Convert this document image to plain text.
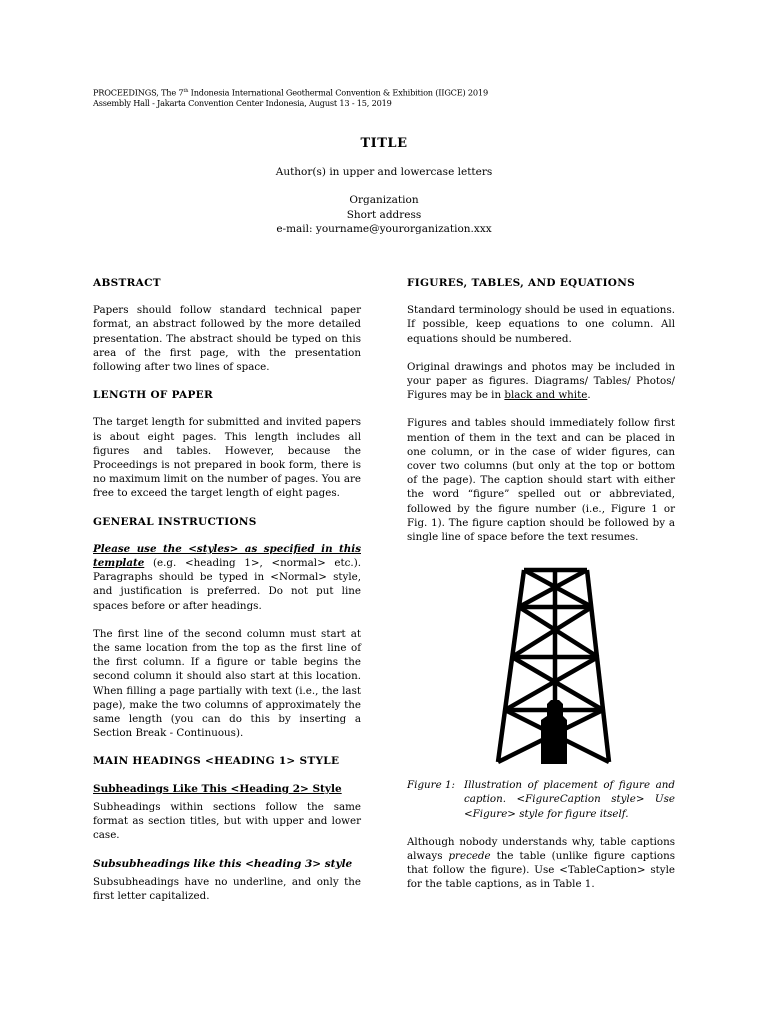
PROCEEDINGS, The 7th Indonesia International Geothermal Convention & Exhibition (IIGCE) 2019
Assembly Hall - Jakarta Convention Center Indonesia, August 13 - 15, 2019
TITLE
Author(s) in upper and lowercase letters
Organization
Short address
e-mail: yourname@yourorganization.xxx
ABSTRACT
Papers should follow standard technical paper format, an abstract followed by the more detailed presentation. The abstract should be typed on this area of the first page, with the presentation following after two lines of space.
LENGTH OF PAPER
The target length for submitted and invited papers is about eight pages. This length includes all figures and tables. However, because the Proceedings is not prepared in book form, there is no maximum limit on the number of pages. You are free to exceed the target length of eight pages.
GENERAL INSTRUCTIONS
Please use the <styles> as specified in this template (e.g. <heading 1>, <normal> etc.). Paragraphs should be typed in <Normal> style, and justification is preferred. Do not put line spaces before or after headings.
The first line of the second column must start at the same location from the top as the first line of the first column. If a figure or table begins the second column it should also start at this location. When filling a page partially with text (i.e., the last page), make the two columns of approximately the same length (you can do this by inserting a Section Break - Continuous).
MAIN HEADINGS <HEADING 1> STYLE
Subheadings Like This <Heading 2> Style
Subheadings within sections follow the same format as section titles, but with upper and lower case.
Subsubheadings like this <heading 3> style
Subsubheadings have no underline, and only the first letter capitalized.
FIGURES, TABLES, AND EQUATIONS
Standard terminology should be used in equations. If possible, keep equations to one column. All equations should be numbered.
Original drawings and photos may be included in your paper as figures. Diagrams/ Tables/ Photos/ Figures may be in black and white.
Figures and tables should immediately follow first mention of them in the text and can be placed in one column, or in the case of wider figures, can cover two columns (but only at the top or bottom of the page). The caption should start with either the word “figure” spelled out or abbreviated, followed by the figure number (i.e., Figure 1 or Fig. 1). The figure caption should be followed by a single line of space before the text resumes.
Figure 1: Illustration of placement of figure and caption. <FigureCaption style> Use <Figure> style for figure itself.
Although nobody understands why, table captions always precede the table (unlike figure captions that follow the figure). Use <TableCaption> style for the table captions, as in Table 1.
